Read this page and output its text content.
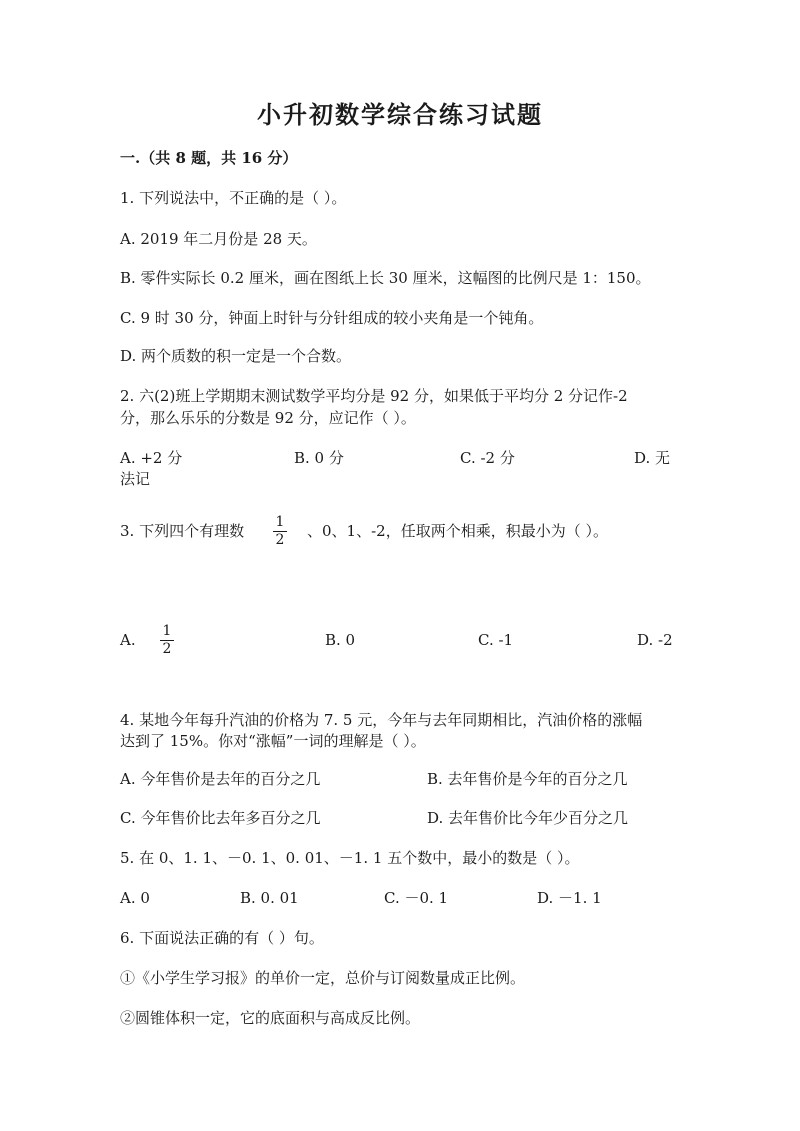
小升初数学综合练习试题
一.（共 8 题，共 16 分）
1. 下列说法中，不正确的是（ ）。
A. 2019 年二月份是 28 天。
B. 零件实际长 0.2 厘米，画在图纸上长 30 厘米，这幅图的比例尺是 1：150。
C. 9 时 30 分，钟面上时针与分针组成的较小夹角是一个钝角。
D. 两个质数的积一定是一个合数。
2. 六(2)班上学期期末测试数学平均分是 92 分，如果低于平均分 2 分记作-2
分，那么乐乐的分数是 92 分，应记作（ ）。
A. +2 分	B. 0 分	C. -2 分	D. 无
法记
3. 下列四个有理数 1
2 、0、1、-2，任取两个相乘，积最小为（ ）。
A. 1
2	B. 0	C. -1	D. -2
4. 某地今年每升汽油的价格为 7. 5 元，今年与去年同期相比，汽油价格的涨幅
达到了 15%。你对“涨幅”一词的理解是（ ）。
A. 今年售价是去年的百分之几	B. 去年售价是今年的百分之几
C. 今年售价比去年多百分之几	D. 去年售价比今年少百分之几
5. 在 0、1. 1、－0. 1、0. 01、－1. 1 五个数中，最小的数是（ ）。
A. 0	B. 0. 01	C. －0. 1	D. －1. 1
6. 下面说法正确的有（ ）句。
①《小学生学习报》的单价一定，总价与订阅数量成正比例。
②圆锥体积一定，它的底面积与高成反比例。
